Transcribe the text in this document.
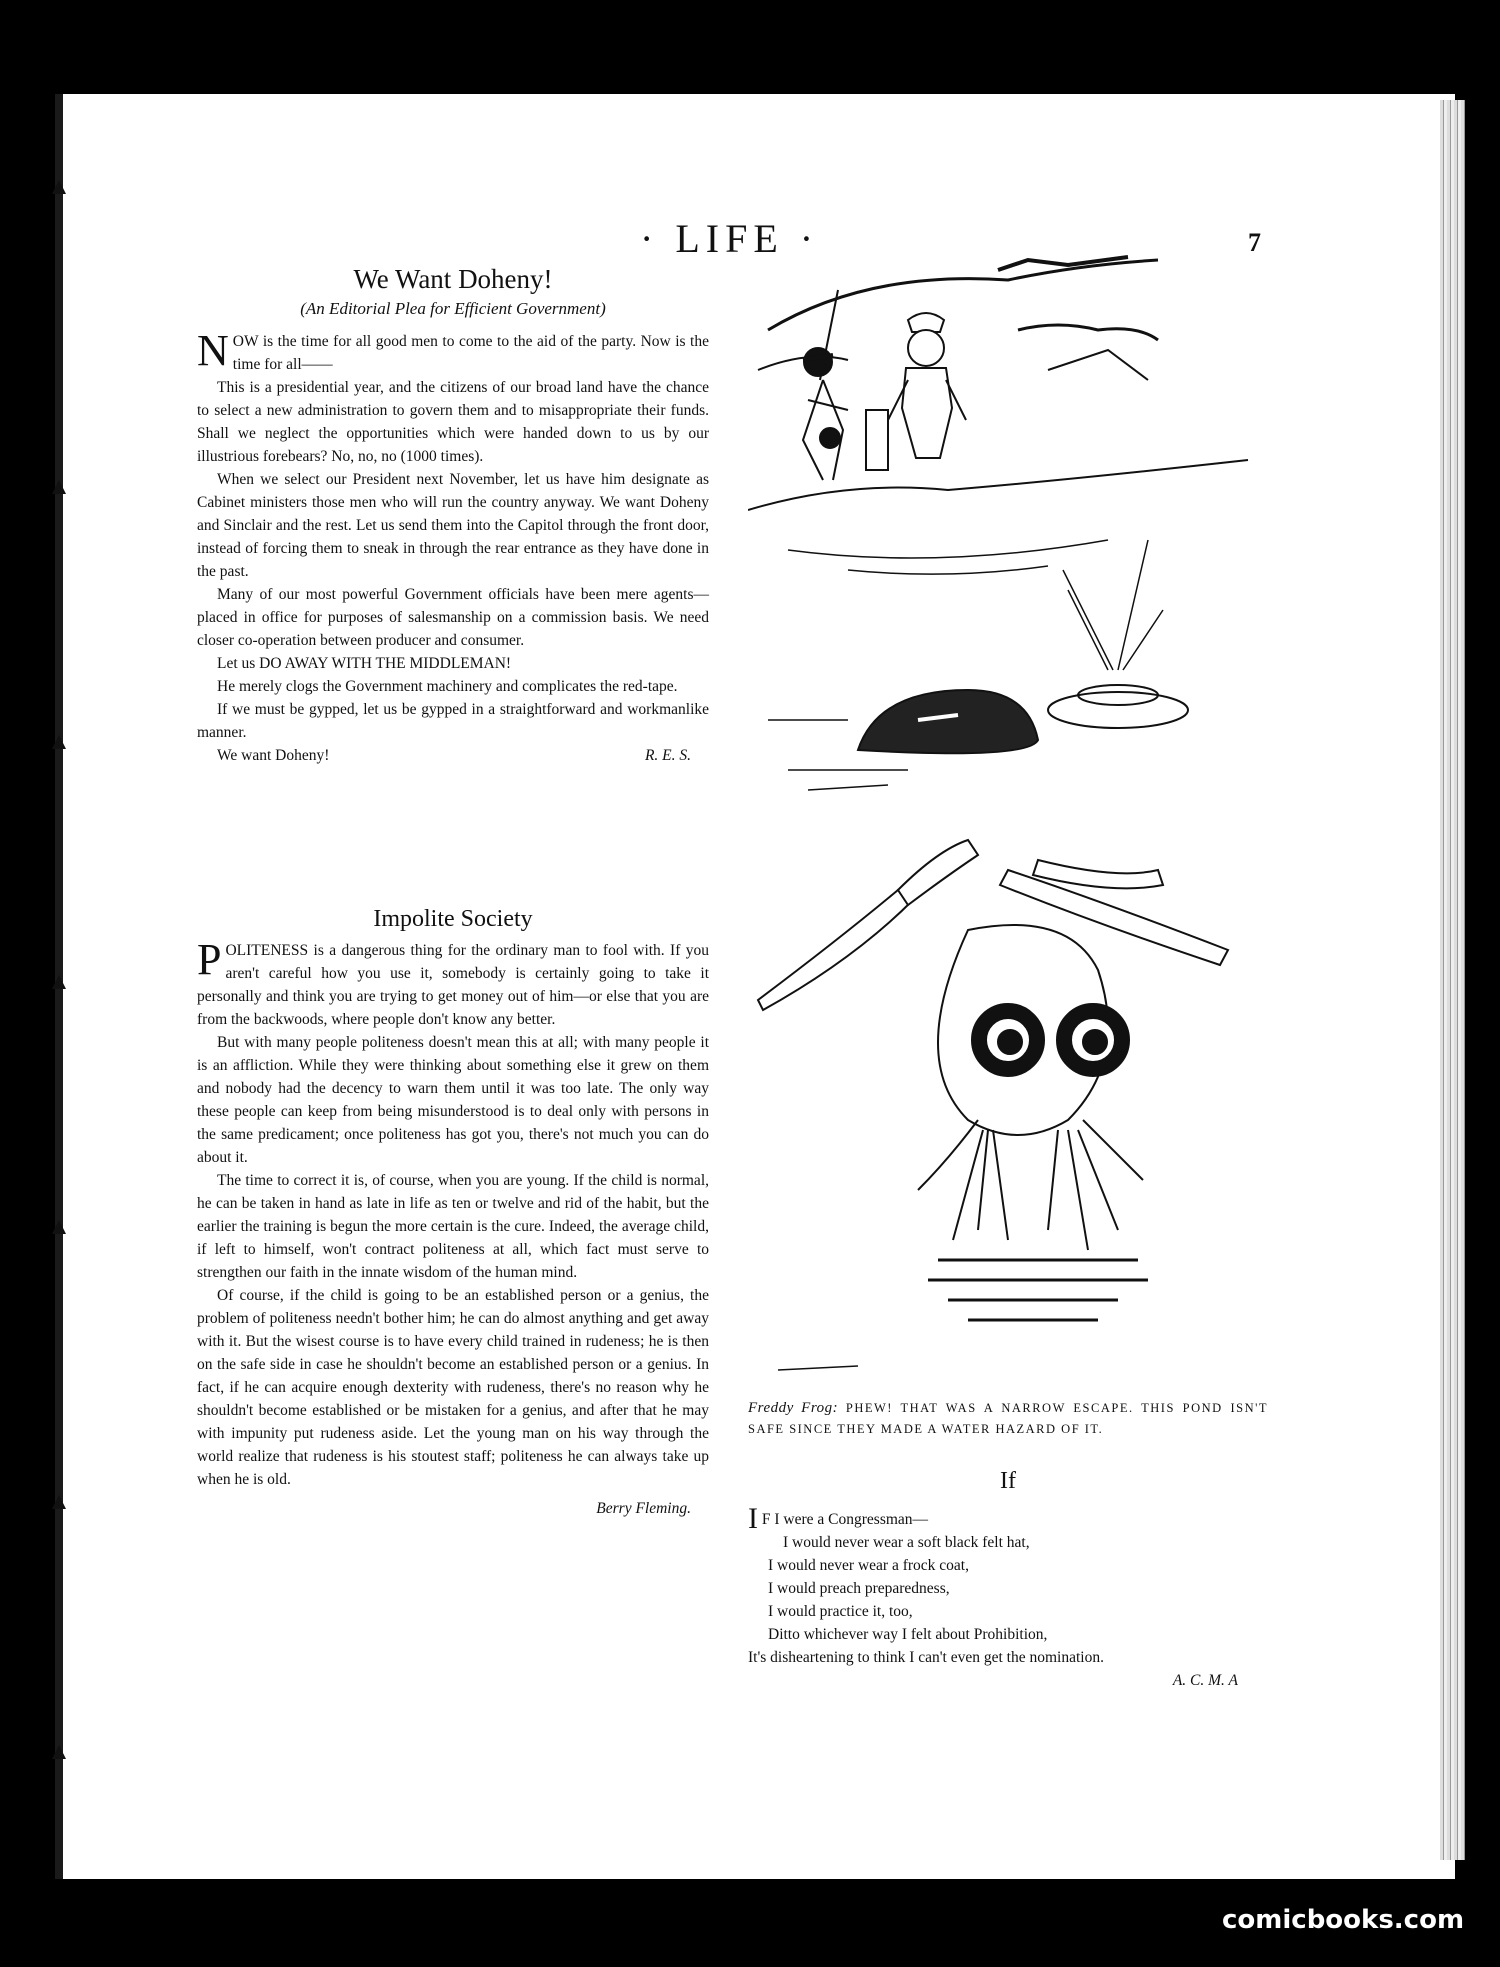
· LIFE ·	7
We Want Doheny!
(An Editorial Plea for Efficient Government)

NOW is the time for all good men to come to the aid of the party. Now is the time for all——

This is a presidential year, and the citizens of our broad land have the chance to select a new administration to govern them and to misappropriate their funds. Shall we neglect the opportunities which were handed down to us by our illustrious forebears? No, no, no (1000 times).

When we select our President next November, let us have him designate as Cabinet ministers those men who will run the country anyway. We want Doheny and Sinclair and the rest. Let us send them into the Capitol through the front door, instead of forcing them to sneak in through the rear entrance as they have done in the past.

Many of our most powerful Government officials have been mere agents—placed in office for purposes of salesmanship on a commission basis. We need closer co-operation between producer and consumer.

Let us DO AWAY WITH THE MIDDLEMAN!

He merely clogs the Government machinery and complicates the red-tape.

If we must be gypped, let us be gypped in a straightforward and workmanlike manner.

We want Doheny!	R. E. S.

Impolite Society

POLITENESS is a dangerous thing for the ordinary man to fool with. If you aren't careful how you use it, somebody is certainly going to take it personally and think you are trying to get money out of him—or else that you are from the backwoods, where people don't know any better.

But with many people politeness doesn't mean this at all; with many people it is an affliction. While they were thinking about something else it grew on them and nobody had the decency to warn them until it was too late. The only way these people can keep from being misunderstood is to deal only with persons in the same predicament; once politeness has got you, there's not much you can do about it.

The time to correct it is, of course, when you are young. If the child is normal, he can be taken in hand as late in life as ten or twelve and rid of the habit, but the earlier the training is begun the more certain is the cure. Indeed, the average child, if left to himself, won't contract politeness at all, which fact must serve to strengthen our faith in the innate wisdom of the human mind.

Of course, if the child is going to be an established person or a genius, the problem of politeness needn't bother him; he can do almost anything and get away with it. But the wisest course is to have every child trained in rudeness; he is then on the safe side in case he shouldn't become an established person or a genius. In fact, if he can acquire enough dexterity with rudeness, there's no reason why he shouldn't become established or be mistaken for a genius, and after that he may with impunity put rudeness aside. Let the young man on his way through the world realize that rudeness is his stoutest staff; politeness he can always take up when he is old.

Berry Fleming.
Freddy Frog: PHEW! THAT WAS A NARROW ESCAPE. THIS POND ISN'T SAFE SINCE THEY MADE A WATER HAZARD OF IT.
If
I F I were a Congressman—
I would never wear a soft black felt hat,
I would never wear a frock coat,
I would preach preparedness,
I would practice it, too,
Ditto whichever way I felt about Prohibition,
It's disheartening to think I can't even get the nomination.
A. C. M. A
comicbooks.com
